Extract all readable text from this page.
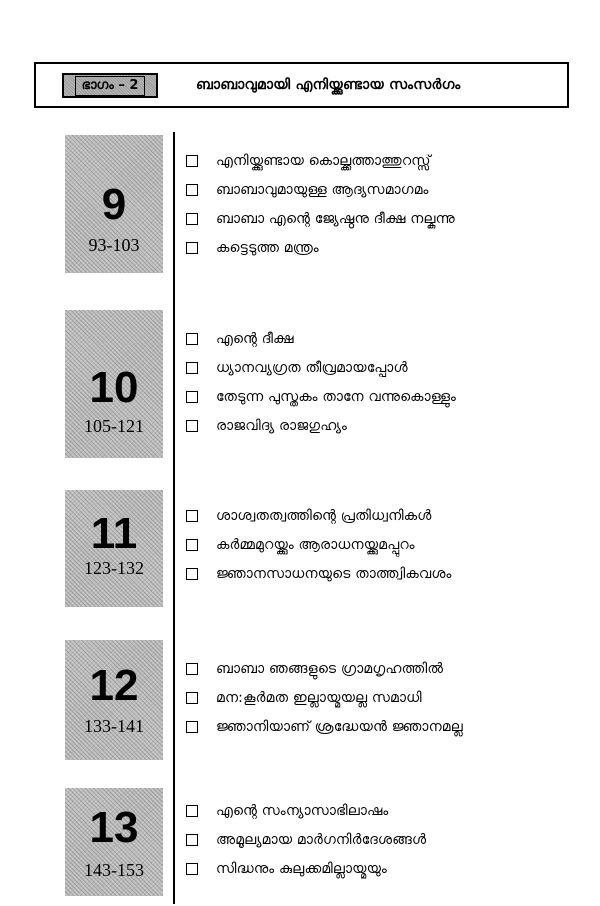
ഭാഗം – 2	ബാബാവുമായി എനിയ്ക്കുണ്ടായ സംസർഗം
9
93-103
എനിയ്ക്കുണ്ടായ കൊല്ക്കത്താത്തുറസ്സ്
ബാബാവുമായുള്ള ആദ്യസമാഗമം
ബാബാ എന്റെ ജ്യേഷ്ഠനു ദീക്ഷ നല്കുന്നു
കട്ടെടുത്ത മന്ത്രം
10
105-121
എന്റെ ദീക്ഷ
ധ്യാനവ്യഗ്രത തീവ്രമായപ്പോൾ
തേടുന്ന പുസ്തകം താനേ വന്നുകൊള്ളും
രാജവിദ്യ രാജഗുഹ്യം
11
123-132
ശാശ്വതത്വത്തിന്റെ പ്രതിധ്വനികൾ
കർമ്മമുറയ്ക്കും ആരാധനയ്ക്കുമപ്പുറം
ജ്ഞാനസാധനയുടെ താത്ത്വികവശം
12
133-141
ബാബാ ഞങ്ങളുടെ ഗ്രാമഗൃഹത്തിൽ
മന:കൂർമത ഇല്ലായ്മയല്ല സമാധി
ജ്ഞാനിയാണ് ശ്രദ്ധേയൻ ജ്ഞാനമല്ല
13
143-153
എന്റെ സംന്യാസാഭിലാഷം
അമൂല്യമായ മാർഗനിർദേശങ്ങൾ
സിദ്ധനും കുലുക്കമില്ലായ്മയും
